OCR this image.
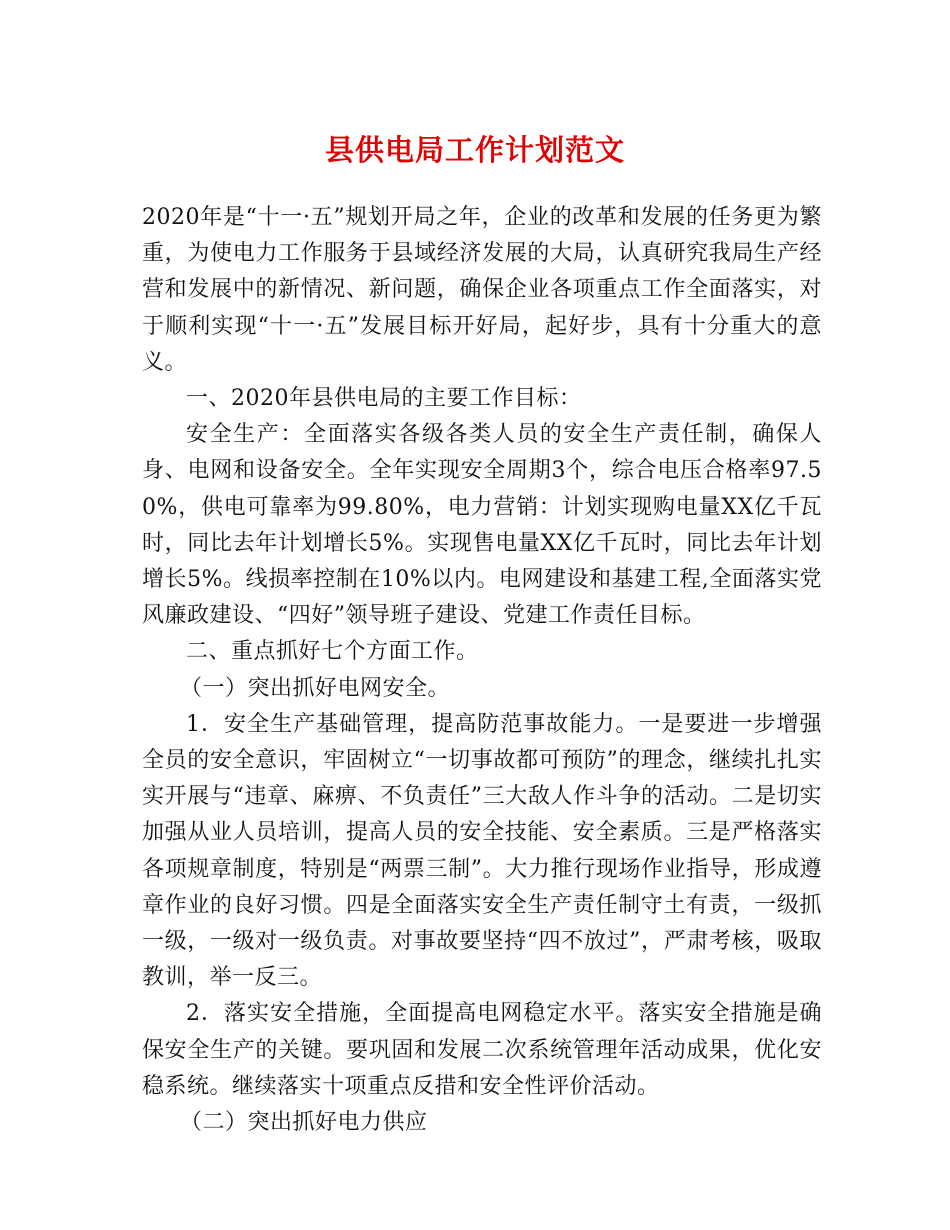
县供电局工作计划范文

2020年是“十一·五”规划开局之年，企业的改革和发展的任务更为繁重，为使电力工作服务于县域经济发展的大局，认真研究我局生产经营和发展中的新情况、新问题，确保企业各项重点工作全面落实，对于顺利实现“十一·五”发展目标开好局，起好步，具有十分重大的意义。

一、2020年县供电局的主要工作目标：

安全生产：全面落实各级各类人员的安全生产责任制，确保人身、电网和设备安全。全年实现安全周期3个，综合电压合格率97.50%，供电可靠率为99.80%，电力营销：计划实现购电量XX亿千瓦时，同比去年计划增长5%。实现售电量XX亿千瓦时，同比去年计划增长5%。线损率控制在10%以内。电网建设和基建工程,全面落实党风廉政建设、“四好”领导班子建设、党建工作责任目标。

二、重点抓好七个方面工作。

（一）突出抓好电网安全。

1．安全生产基础管理，提高防范事故能力。一是要进一步增强全员的安全意识，牢固树立“一切事故都可预防”的理念，继续扎扎实实开展与“违章、麻痹、不负责任”三大敌人作斗争的活动。二是切实加强从业人员培训，提高人员的安全技能、安全素质。三是严格落实各项规章制度，特别是“两票三制”。大力推行现场作业指导，形成遵章作业的良好习惯。四是全面落实安全生产责任制守土有责，一级抓一级，一级对一级负责。对事故要坚持“四不放过”，严肃考核，吸取教训，举一反三。

2．落实安全措施，全面提高电网稳定水平。落实安全措施是确保安全生产的关键。要巩固和发展二次系统管理年活动成果，优化安稳系统。继续落实十项重点反措和安全性评价活动。

（二）突出抓好电力供应
